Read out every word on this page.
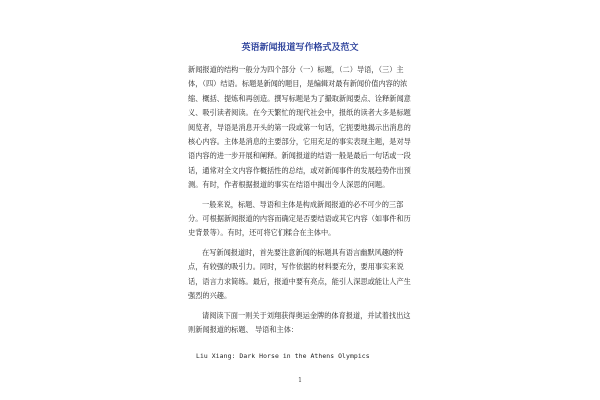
英语新闻报道写作格式及范文

新闻报道的结构一般分为四个部分（一）标题，（二）导语，（三）主体，（四）结语。标题是新闻的题目，是编辑对最有新闻价值内容的浓缩、概括、提炼和再创造。撰写标题是为了撮取新闻要点、诠释新闻意义、吸引读者阅读。在今天繁忙的现代社会中，报纸的读者大多是标题阅览者，导语是消息开头的第一段或第一句话，它扼要地揭示出消息的核心内容。主体是消息的主要部分，它用充足的事实表现主题，是对导语内容的进一步开展和阐释。新闻报道的结语一般是最后一句话或一段话，通常对全文内容作概括性的总结，或对新闻事件的发展趋势作出预测。有时，作者根据报道的事实在结语中揭出令人深思的问题。

一般来说，标题、导语和主体是构成新闻报道的必不可少的三部分。可根据新闻报道的内容而确定是否要结语或其它内容（如事件和历史背景等）。有时，还可将它们糅合在主体中。

在写新闻报道时，首先要注意新闻的标题具有语言幽默风趣的特点，有较强的吸引力。同时，写作依据的材料要充分，要用事实来说话，语言力求简练。最后，报道中要有亮点，能引人深思或能让人产生强烈的兴趣。

请阅读下面一则关于刘翔获得奥运金牌的体育报道，并试着找出这则新闻报道的标题、 导语和主体：

Liu Xiang: Dark Horse in the Athens Olympics
1
